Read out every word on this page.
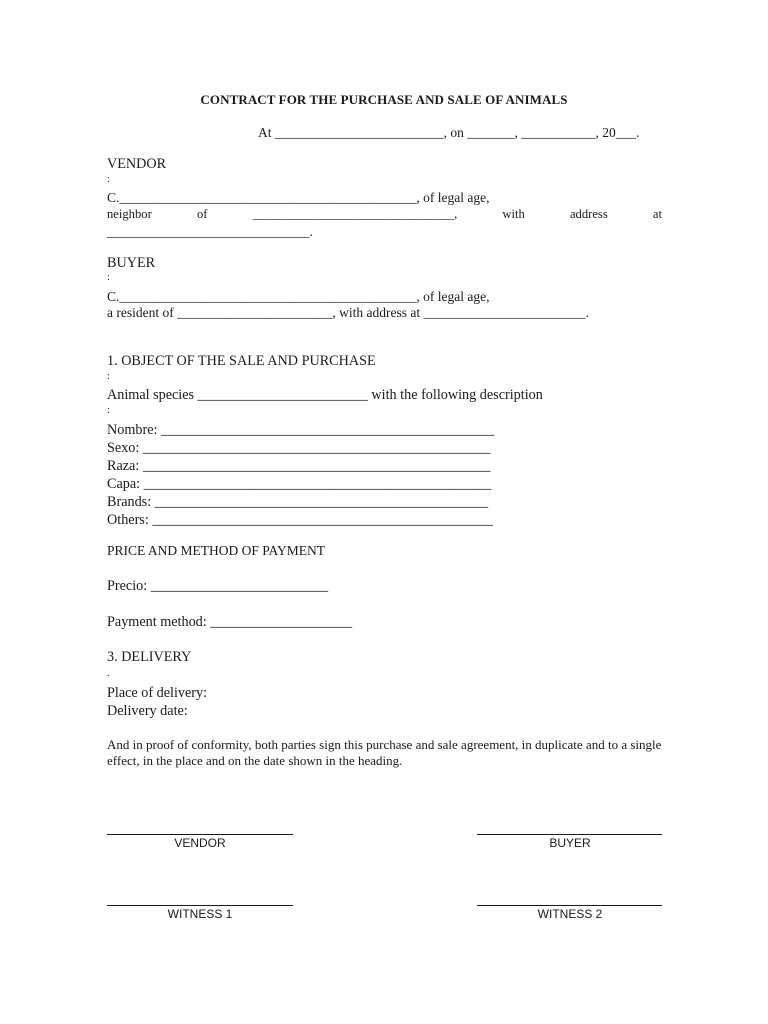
CONTRACT FOR THE PURCHASE AND SALE OF ANIMALS
At _________________________, on _______, ___________, 20___.
VENDOR
:
C.____________________________________________, of legal age,
neighbor	of	________________________________,	with	address	at
______________________________.
BUYER
:
C.____________________________________________, of legal age,
a resident of _______________________, with address at ________________________.
1. OBJECT OF THE SALE AND PURCHASE
:
Animal species ________________________ with the following description
:
Nombre: _______________________________________________
Sexo: _________________________________________________
Raza: _________________________________________________
Capa: _________________________________________________
Brands: _______________________________________________
Others: ________________________________________________
PRICE AND METHOD OF PAYMENT
Precio: _________________________
Payment method: ____________________
3. DELIVERY
.
Place of delivery:
Delivery date:
And in proof of conformity, both parties sign this purchase and sale agreement, in duplicate and to a single effect, in the place and on the date shown in the heading.
VENDOR	BUYER
WITNESS 1	WITNESS 2
